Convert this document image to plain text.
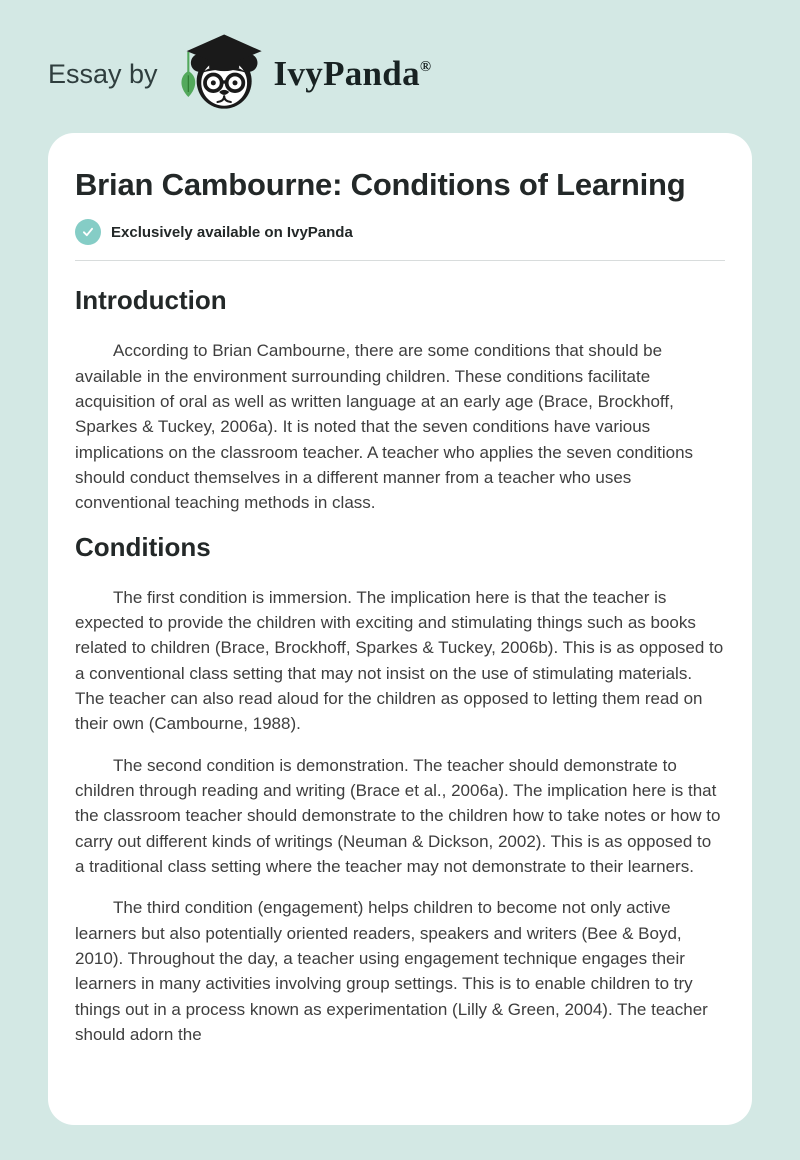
Essay by	IvyPanda®
Brian Cambourne: Conditions of Learning
Exclusively available on IvyPanda
Introduction

According to Brian Cambourne, there are some conditions that should be available in the environment surrounding children. These conditions facilitate acquisition of oral as well as written language at an early age (Brace, Brockhoff, Sparkes & Tuckey, 2006a). It is noted that the seven conditions have various implications on the classroom teacher. A teacher who applies the seven conditions should conduct themselves in a different manner from a teacher who uses conventional teaching methods in class.

Conditions

The first condition is immersion. The implication here is that the teacher is expected to provide the children with exciting and stimulating things such as books related to children (Brace, Brockhoff, Sparkes & Tuckey, 2006b). This is as opposed to a conventional class setting that may not insist on the use of stimulating materials. The teacher can also read aloud for the children as opposed to letting them read on their own (Cambourne, 1988).

The second condition is demonstration. The teacher should demonstrate to children through reading and writing (Brace et al., 2006a). The implication here is that the classroom teacher should demonstrate to the children how to take notes or how to carry out different kinds of writings (Neuman & Dickson, 2002). This is as opposed to a traditional class setting where the teacher may not demonstrate to their learners.

The third condition (engagement) helps children to become not only active learners but also potentially oriented readers, speakers and writers (Bee & Boyd, 2010). Throughout the day, a teacher using engagement technique engages their learners in many activities involving group settings. This is to enable children to try things out in a process known as experimentation (Lilly & Green, 2004). The teacher should adorn the
